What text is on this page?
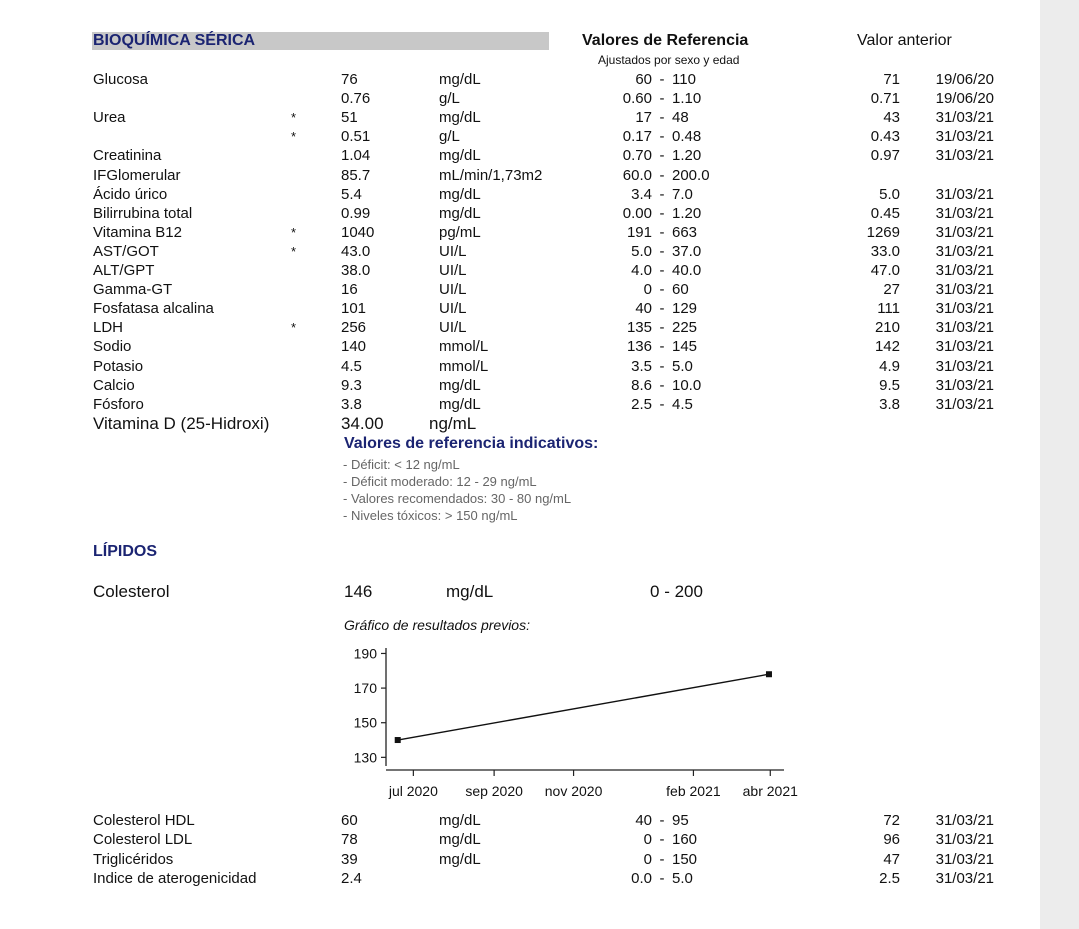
BIOQUÍMICA SÉRICA	Valores de Referencia
Ajustados por sexo y edad
Valor anterior
Glucosa	76	mg/dL	60 - 110	71	19/06/20
0.76	g/L	0.60 - 1.10	0.71	19/06/20
Urea	*	51	mg/dL	17 - 48	43	31/03/21
*	0.51	g/L	0.17 - 0.48	0.43	31/03/21
Creatinina	1.04	mg/dL	0.70 - 1.20	0.97	31/03/21
IFGlomerular	85.7	mL/min/1,73m2	60.0 - 200.0
Ácido úrico	5.4	mg/dL	3.4 - 7.0	5.0	31/03/21
Bilirrubina total	0.99	mg/dL	0.00 - 1.20	0.45	31/03/21
Vitamina B12	*	1040	pg/mL	191 - 663	1269	31/03/21
AST/GOT	*	43.0	UI/L	5.0 - 37.0	33.0	31/03/21
ALT/GPT	38.0	UI/L	4.0 - 40.0	47.0	31/03/21
Gamma-GT	16	UI/L	0 - 60	27	31/03/21
Fosfatasa alcalina	101	UI/L	40 - 129	111	31/03/21
LDH	*	256	UI/L	135 - 225	210	31/03/21
Sodio	140	mmol/L	136 - 145	142	31/03/21
Potasio	4.5	mmol/L	3.5 - 5.0	4.9	31/03/21
Calcio	9.3	mg/dL	8.6 - 10.0	9.5	31/03/21
Fósforo	3.8	mg/dL	2.5 - 4.5	3.8	31/03/21
Vitamina D (25-Hidroxi)	34.00	ng/mL
Valores de referencia indicativos:
- Déficit: < 12 ng/mL
- Déficit moderado: 12 - 29 ng/mL
- Valores recomendados: 30 - 80 ng/mL
- Niveles tóxicos: > 150 ng/mL
LÍPIDOS
Colesterol	146	mg/dL	0 - 200
Gráfico de resultados previos:
130
150
170
190
jul 2020 sep 2020 nov 2020	feb 2021 abr 2021
Colesterol HDL	60	mg/dL	40 - 95	72	31/03/21
Colesterol LDL	78	mg/dL	0 - 160	96	31/03/21
Triglicéridos	39	mg/dL	0 - 150	47	31/03/21
Indice de aterogenicidad	2.4	0.0 - 5.0	2.5	31/03/21
